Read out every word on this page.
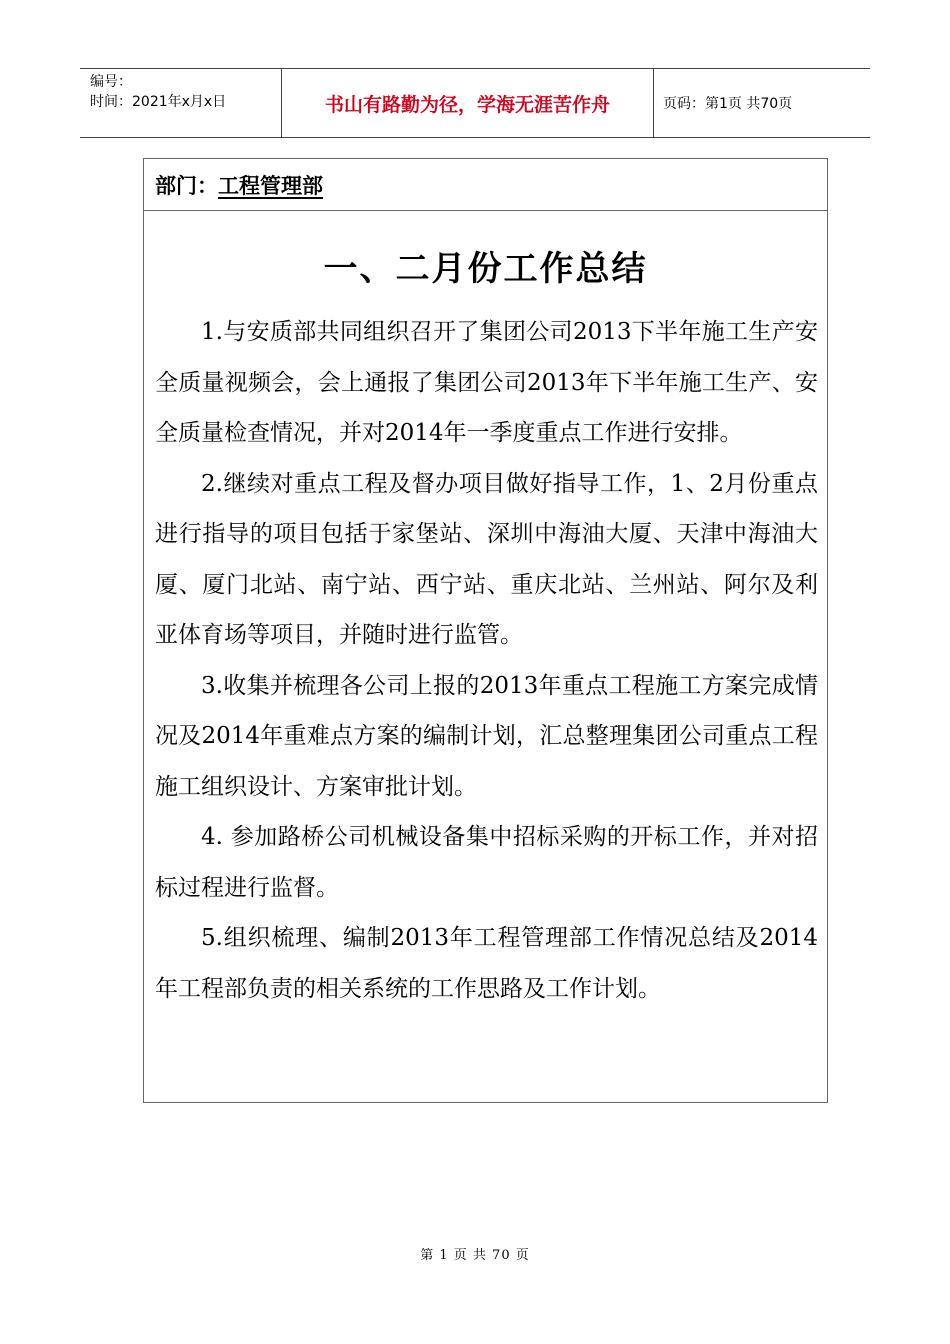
编号：
时间：2021年x月x日	书山有路勤为径，学海无涯苦作舟	页码：第1页 共70页
部门： 工程管理部
一、二月份工作总结

1.与安质部共同组织召开了集团公司2013下半年施工生产安全质量视频会，会上通报了集团公司2013年下半年施工生产、安全质量检查情况，并对2014年一季度重点工作进行安排。

2.继续对重点工程及督办项目做好指导工作，1、2月份重点进行指导的项目包括于家堡站、深圳中海油大厦、天津中海油大厦、厦门北站、南宁站、西宁站、重庆北站、兰州站、阿尔及利亚体育场等项目，并随时进行监管。

3.收集并梳理各公司上报的2013年重点工程施工方案完成情况及2014年重难点方案的编制计划，汇总整理集团公司重点工程施工组织设计、方案审批计划。

4. 参加路桥公司机械设备集中招标采购的开标工作，并对招标过程进行监督。

5.组织梳理、编制2013年工程管理部工作情况总结及2014年工程部负责的相关系统的工作思路及工作计划。

第 1 页 共 70 页
